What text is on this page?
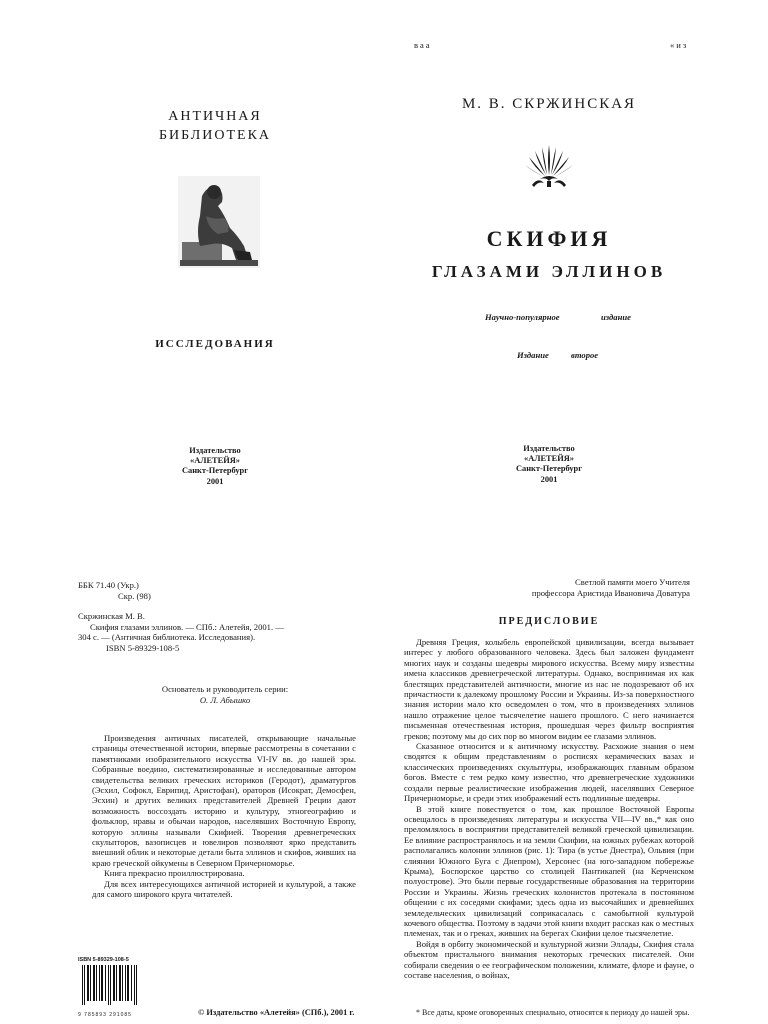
АНТИЧНАЯ
БИБЛИОТЕКА
ИССЛЕДОВАНИЯ
Издательство
«АЛЕТЕЙЯ»
Санкт-Петербург
2001
ББК 71.40 (Укр.)
Скр. (98)
Скржинская М. В.
Скифия глазами эллинов. — СПб.: Алетейя, 2001. —
304 с. — (Античная библиотека. Исследования).
ISBN 5-89329-108-5
Основатель и руководитель серии:
О. Л. Абышко

Произведения античных писателей, открывающие начальные страницы отечественной истории, впервые рассмотрены в сочетании с памятниками изобразительного искусства VI-IV вв. до нашей эры. Собранные воедино, систематизированные и исследованные автором свидетельства великих греческих историков (Геродот), драматургов (Эсхил, Софокл, Еврипид, Аристофан), ораторов (Исократ, Демосфен, Эсхин) и других великих представителей Древней Греции дают возможность воссоздать историю и культуру, этногеографию и фольклор, нравы и обычаи народов, населявших Восточную Европу, которую эллины называли Скифией. Творения древнегреческих скульпторов, вазописцев и ювелиров позволяют ярко представить внешний облик и некоторые детали быта эллинов и скифов, живших на краю греческой ойкумены в Северном Причерноморье.

Книга прекрасно проиллюстрирована.

Для всех интересующихся античной историей и культурой, а также для самого широкого круга читателей.

ISBN 5-89329-108-5
9 785893 291085	© Издательство «Алетейя» (СПб.), 2001 г.
ваа	«из
М. В. СКРЖИНСКАЯ
СКИФИЯ
ГЛАЗАМИ ЭЛЛИНОВ
Научно-популярное	издание
Издание	второе
Издательство
«АЛЕТЕЙЯ»
Санкт-Петербург
2001
Светлой памяти моего Учителя
профессора Аристида Ивановича Доватура
ПРЕДИСЛОВИЕ

Древняя Греция, колыбель европейской цивилизации, всегда вызывает интерес у любого образованного человека. Здесь был заложен фундамент многих наук и созданы шедевры мирового искусства. Всему миру известны имена классиков древнегреческой литературы. Однако, воспринимая их как блестящих представителей античности, многие из нас не подозревают об их причастности к далекому прошлому России и Украины. Из-за поверхностного знания истории мало кто осведомлен о том, что в произведениях эллинов нашло отражение целое тысячелетие нашего прошлого. С него начинается письменная отечественная история, прошедшая через фильтр восприятия греков; поэтому мы до сих пор во многом видим ее глазами эллинов.

Сказанное относится и к античному искусству. Расхожие знания о нем сводятся к общим представлениям о росписях керамических вазах и классических произведениях скульптуры, изображающих главным образом богов. Вместе с тем редко кому известно, что древнегреческие художники создали первые реалистические изображения людей, населявших Северное Причерноморье, и среди этих изображений есть подлинные шедевры.

В этой книге повествуется о том, как прошлое Восточной Европы освещалось в произведениях литературы и искусства VII—IV вв.,* как оно преломлялось в восприятии представителей великой греческой цивилизации. Ее влияние распространялось и на земли Скифии, на южных рубежах которой располагались колонии эллинов (рис. 1): Тира (в устье Днестра), Ольвия (при слиянии Южного Буга с Днепром), Херсонес (на юго-западном побережье Крыма), Боспорское царство со столицей Пантикапей (на Керченском полуострове). Это были первые государственные образования на территории России и Украины. Жизнь греческих колонистов протекала в постоянном общении с их соседями скифами; здесь одна из высочайших и древнейших земледельческих цивилизаций соприкасалась с самобытной культурой кочевого общества. Поэтому в задачи этой книги входит рассказ как о местных племенах, так и о греках, живших на берегах Скифии целое тысячелетие.

Войдя в орбиту экономической и культурной жизни Эллады, Скифия стала объектом пристального внимания некоторых греческих писателей. Они собирали сведения о ее географическом положении, климате, флоре и фауне, о составе населения, о войнах,

* Все даты, кроме оговоренных специально, относятся к периоду до нашей эры.
